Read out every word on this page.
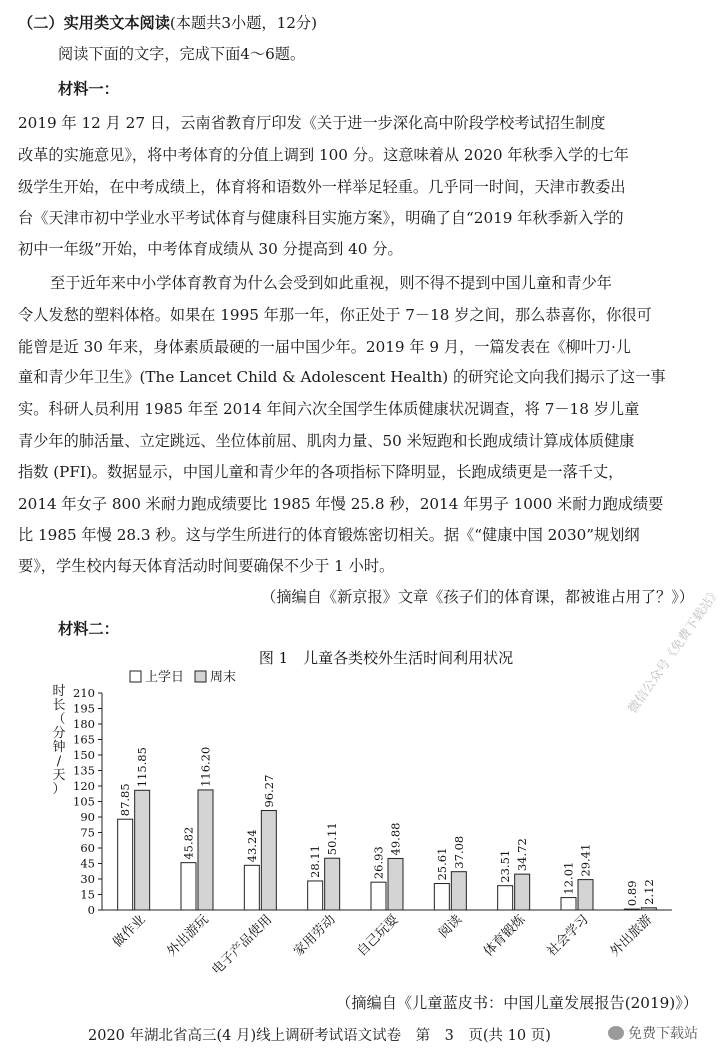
（二）实用类文本阅读(本题共3小题，12分)
阅读下面的文字，完成下面4～6题。
材料一：
2019 年 12 月 27 日，云南省教育厅印发《关于进一步深化高中阶段学校考试招生制度
改革的实施意见》，将中考体育的分值上调到 100 分。这意味着从 2020 年秋季入学的七年
级学生开始，在中考成绩上，体育将和语数外一样举足轻重。几乎同一时间，天津市教委出
台《天津市初中学业水平考试体育与健康科目实施方案》，明确了自“2019 年秋季新入学的
初中一年级”开始，中考体育成绩从 30 分提高到 40 分。
至于近年来中小学体育教育为什么会受到如此重视，则不得不提到中国儿童和青少年
令人发愁的塑料体格。如果在 1995 年那一年，你正处于 7－18 岁之间，那么恭喜你，你很可
能曾是近 30 年来，身体素质最硬的一届中国少年。2019 年 9 月，一篇发表在《柳叶刀·儿
童和青少年卫生》(The Lancet Child & Adolescent Health) 的研究论文向我们揭示了这一事
实。科研人员利用 1985 年至 2014 年间六次全国学生体质健康状况调查，将 7－18 岁儿童
青少年的肺活量、立定跳远、坐位体前屈、肌肉力量、50 米短跑和长跑成绩计算成体质健康
指数 (PFI)。数据显示，中国儿童和青少年的各项指标下降明显，长跑成绩更是一落千丈，
2014 年女子 800 米耐力跑成绩要比 1985 年慢 25.8 秒，2014 年男子 1000 米耐力跑成绩要
比 1985 年慢 28.3 秒。这与学生所进行的体育锻炼密切相关。据《“健康中国 2030”规划纲
要》，学生校内每天体育活动时间要确保不少于 1 小时。
（摘编自《新京报》文章《孩子们的体育课，都被谁占用了？》）
材料二：
图 1　儿童各类校外生活时间利用状况
0
15
30
45
60
75
90
105
120
135
150
165
180
195
210
时
长
（
分
钟
/
天
）
上学日 周末
87.85
115.85
做作业
45.82
116.20
外出游玩
43.24
96.27
电子产品使用
28.11
50.11
家用劳动
26.93
49.88
自己玩耍
25.61 37.08
阅读
23.51 34.72
体育锻炼
12.01
29.41
社会学习
0.89 2.12
外出旅游
（摘编自《儿童蓝皮书：中国儿童发展报告(2019)》）
微信公众号《免费下载站》
免费下载站
2020 年湖北省高三(4 月)线上调研考试语文试卷　第　3　页(共 10 页)
